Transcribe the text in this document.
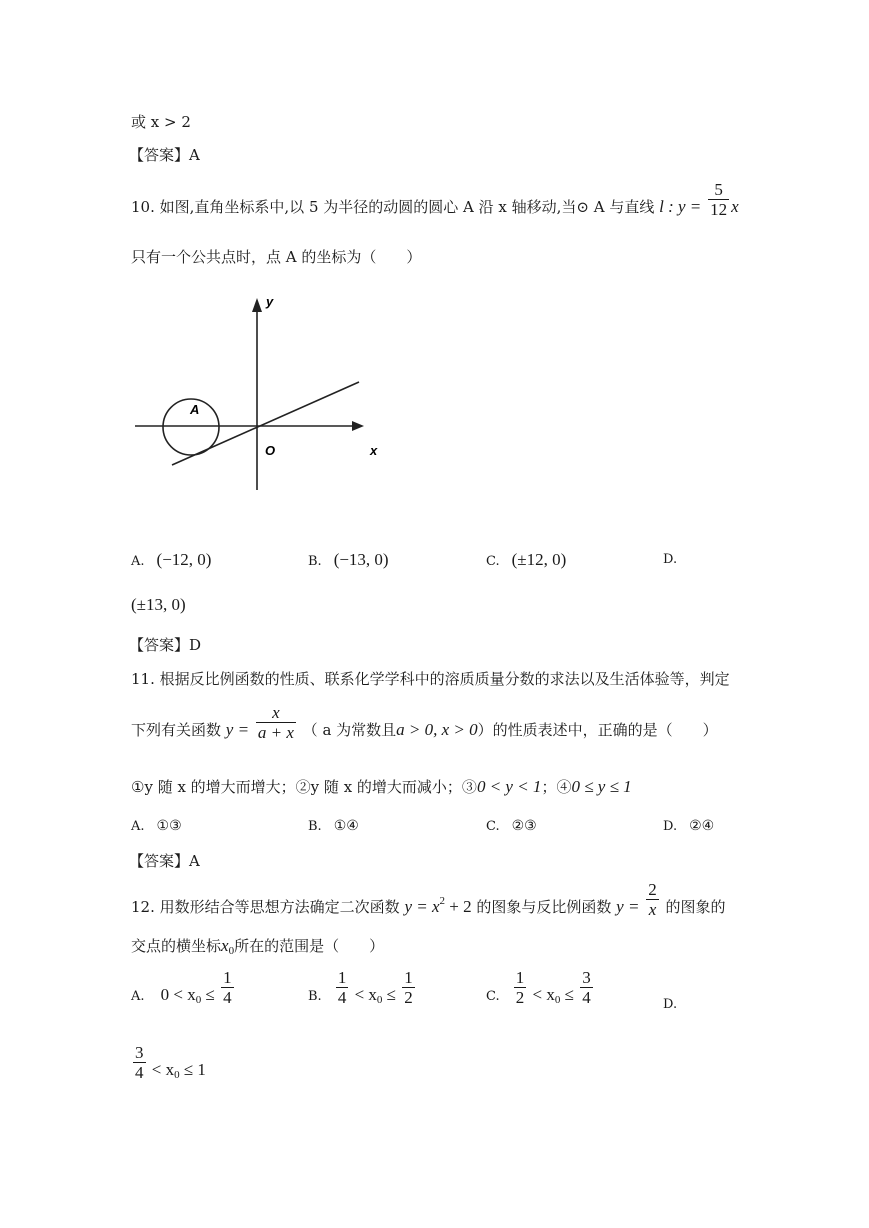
或 x > 2
【答案】A
10. 如图,直角坐标系中,以 5 为半径的动圆的圆心 A 沿 x 轴移动,当⊙ A 与直线 l : $y = \frac{5}{12}$ x
只有一个公共点时，点 A 的坐标为（　　）
A
O	x
y
A. (−12, 0)	B. (−13, 0)	C. (±12, 0)	D.
(±13, 0)
【答案】D
11. 根据反比例函数的性质、联系化学学科中的溶质质量分数的求法以及生活体验等，判定
下列有关函数 $y = \frac{x}{a + x}$ （ a 为常数且a > 0, x > 0）的性质表述中，正确的是（　　）
①y 随 x 的增大而增大；②y 随 x 的增大而减小；③0 < y < 1；④0 ≤ y ≤ 1
A. ①③	B. ①④	C. ②③	D. ②④
【答案】A
12. 用数形结合等思想方法确定二次函数 $y = x^2 + 2$ 的图象与反比例函数 $y = \frac{2}{x}$ 的图象的
交点的横坐标$x_0$所在的范围是（　　）
A. $0 < x_0 \le \frac{1}{4}$	B. $\frac{1}{4} < x_0 \le \frac{1}{2}$	C. $\frac{1}{2} < x_0 \le \frac{3}{4}$	D.
$\frac{3}{4} < x_0 \le 1$
